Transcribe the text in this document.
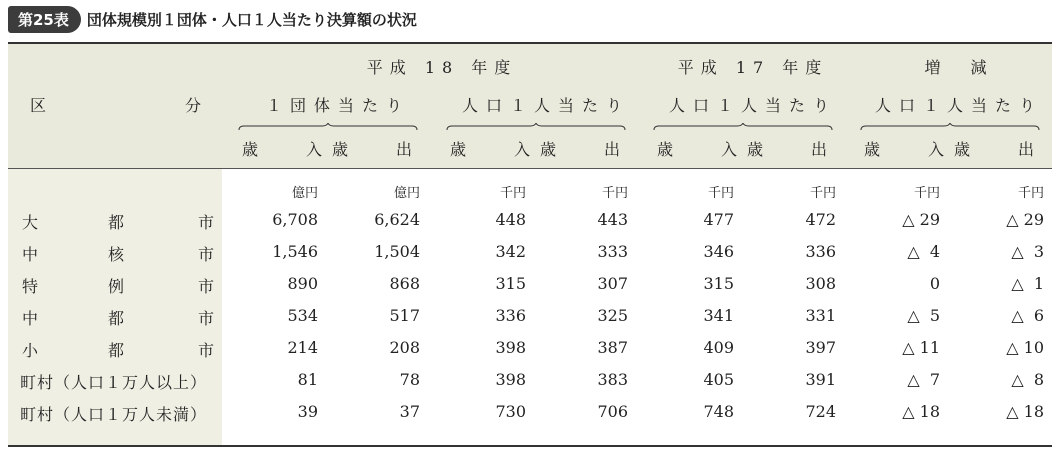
第25表	団体規模別１団体・人口１人当たり決算額の状況
区	分
平成 18 年度	平成 17 年度	増　減
１団体当たり	人口１人当たり 人口１人当たり 人口１人当たり
歳	入 歳	出 歳	入 歳	出 歳	入 歳	出 歳	入 歳	出
億円	億円	千円	千円	千円	千円	千円	千円
大	都	市	6,708	6,624	448	443	477	472	△ 29	△ 29
中	核	市	1,546	1,504	342	333	346	336	△  4	△  3
特	例	市	890	868	315	307	315	308	0	△  1
中	都	市	534	517	336	325	341	331	△  5	△  6
小	都	市	214	208	398	387	409	397	△ 11	△ 10
町村（人口１万人以上）	81	78	398	383	405	391	△  7	△  8
町村（人口１万人未満）	39	37	730	706	748	724	△ 18	△ 18
